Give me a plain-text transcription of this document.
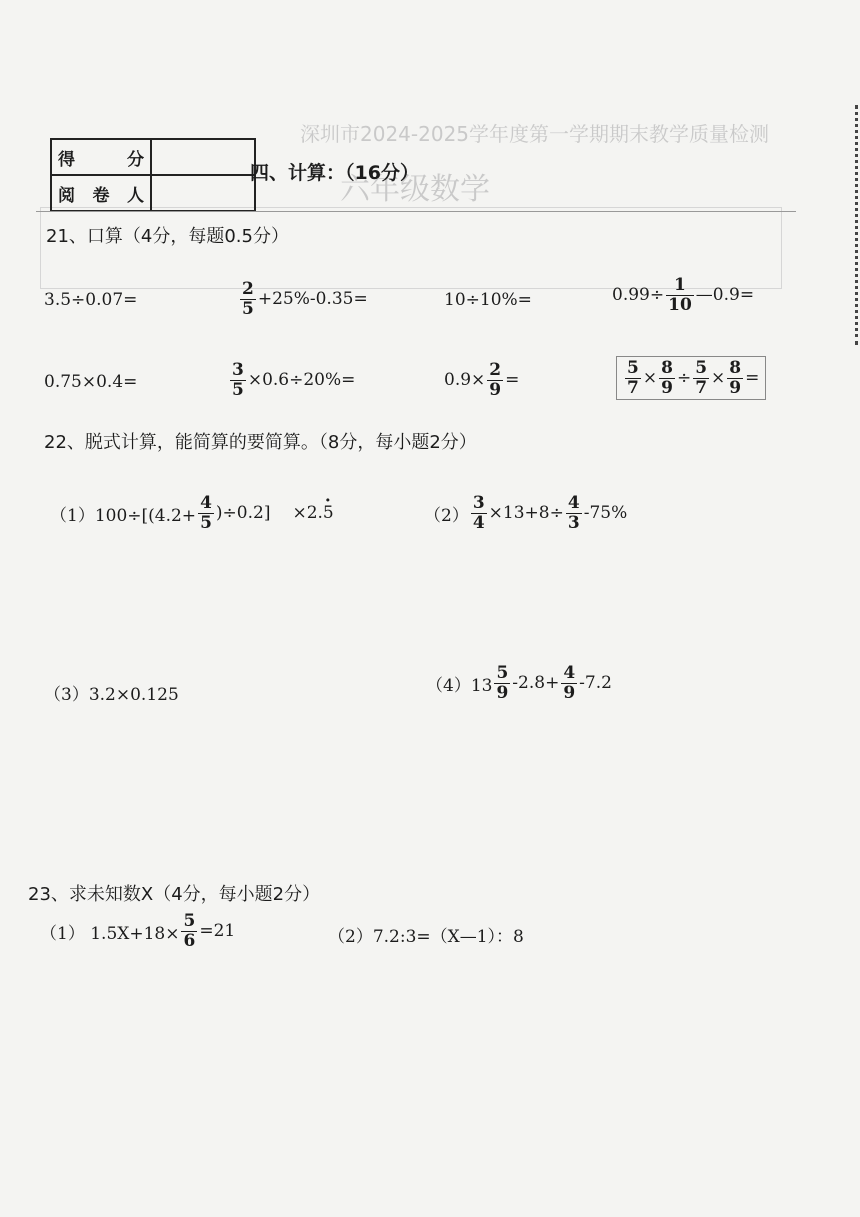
深圳市2024-2025学年度第一学期期末教学质量检测
六年级数学
得 分	
阅卷人	
四、计算：（16分）
21、口算（4分，每题0.5分）
3.5÷0.07=	$\frac{2}{5} +25\%-0.35=$	10÷10%=	$0.99\div \frac{1}{10}$ —0.9=
0.75×0.4=	$\frac{3}{5} \times 0.6\div 20\%=$	$0.9\times \frac{2}{9}$ =	$\frac{5}{7} \times \frac{8}{9} \div \frac{5}{7} \times \frac{8}{9}$ =
22、脱式计算，能简算的要简算。（8分，每小题2分）
$(1)100\div[(4.2+ \frac{4}{5} )\div 0.2] \times 2$.
· 5	$(2) \frac{3}{4} \times 13+8\div \frac{4}{3} -75\%$
（3）3.2×0.125	$(4)13 \frac{5}{9} -2.8+ \frac{4}{9} -7.2$
23、求未知数X（4分，每小题2分）
（1） $1.5X+18\times \frac{5}{6} =21$	（2）7.2:3=（X—1）：8
